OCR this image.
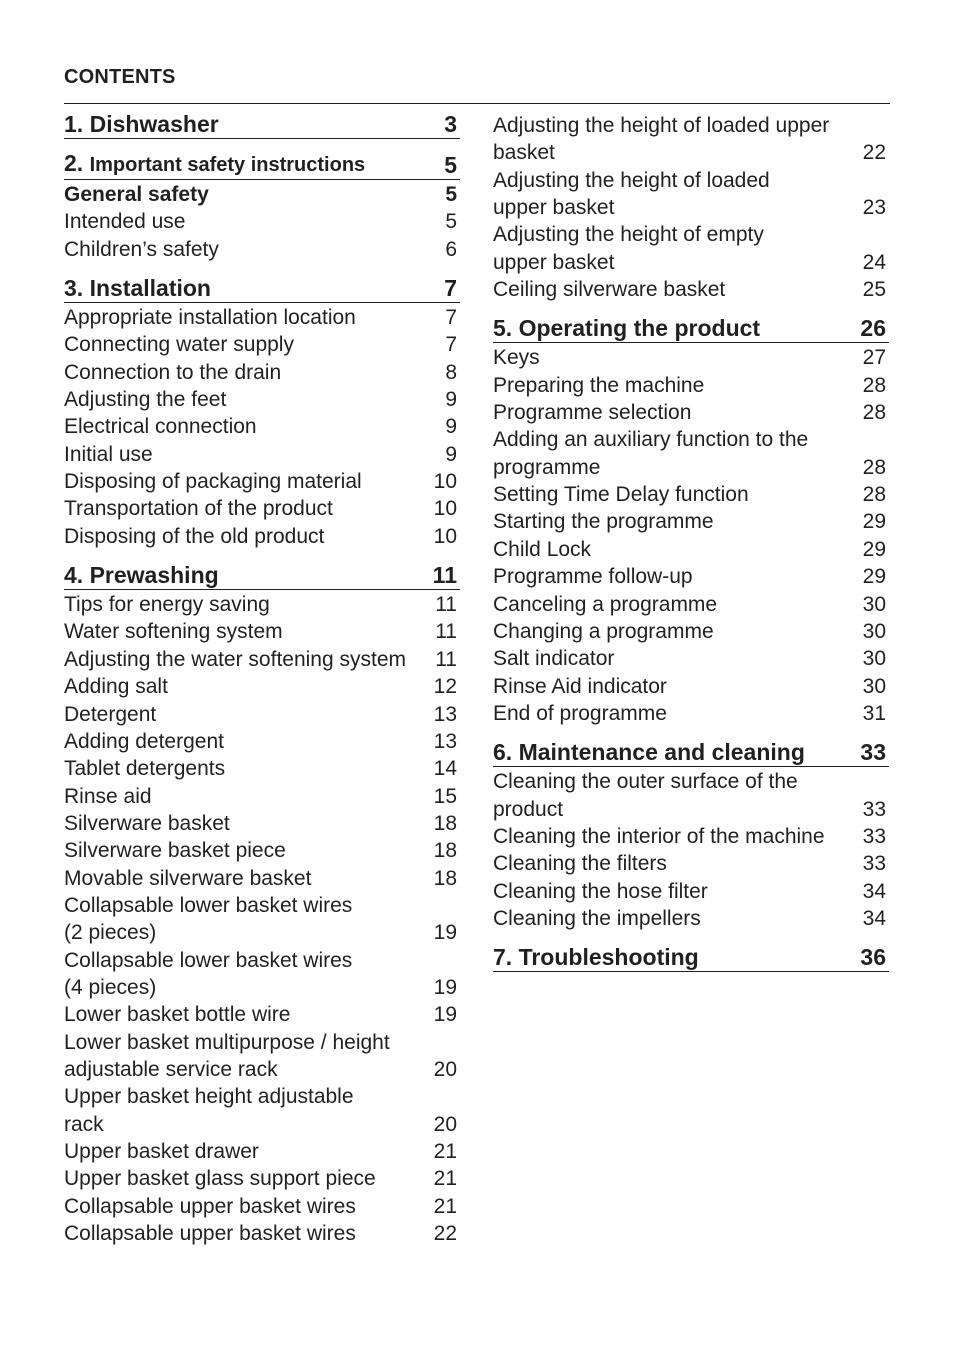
CONTENTS
1. Dishwasher	3
2. Important safety instructions	5
General safety	5
Intended use	5
Children’s safety	6
3. Installation	7
Appropriate installation location	7
Connecting water supply	7
Connection to the drain	8
Adjusting the feet	9
Electrical connection	9
Initial use	9
Disposing of packaging material	10
Transportation of the product	10
Disposing of the old product	10
4. Prewashing	11
Tips for energy saving	11
Water softening system	11
Adjusting the water softening system	11
Adding salt	12
Detergent	13
Adding detergent	13
Tablet detergents	14
Rinse aid	15
Silverware basket	18
Silverware basket piece	18
Movable silverware basket	18
Collapsable lower basket wires
(2 pieces)	19
Collapsable lower basket wires
(4 pieces)	19
Lower basket bottle wire	19
Lower basket multipurpose / height
adjustable service rack	20
Upper basket height adjustable
rack	20
Upper basket drawer	21
Upper basket glass support piece	21
Collapsable upper basket wires	21
Collapsable upper basket wires	22
Adjusting the height of loaded upper
basket	22
Adjusting the height of loaded
upper basket	23
Adjusting the height of empty
upper basket	24
Ceiling silverware basket	25
5. Operating the product	26
Keys	27
Preparing the machine	28
Programme selection	28
Adding an auxiliary function to the
programme	28
Setting Time Delay function	28
Starting the programme	29
Child Lock	29
Programme follow-up	29
Canceling a programme	30
Changing a programme	30
Salt indicator	30
Rinse Aid indicator	30
End of programme	31
6. Maintenance and cleaning 33
Cleaning the outer surface of the
product	33
Cleaning the interior of the machine	33
Cleaning the filters	33
Cleaning the hose filter	34
Cleaning the impellers	34
7. Troubleshooting	36
